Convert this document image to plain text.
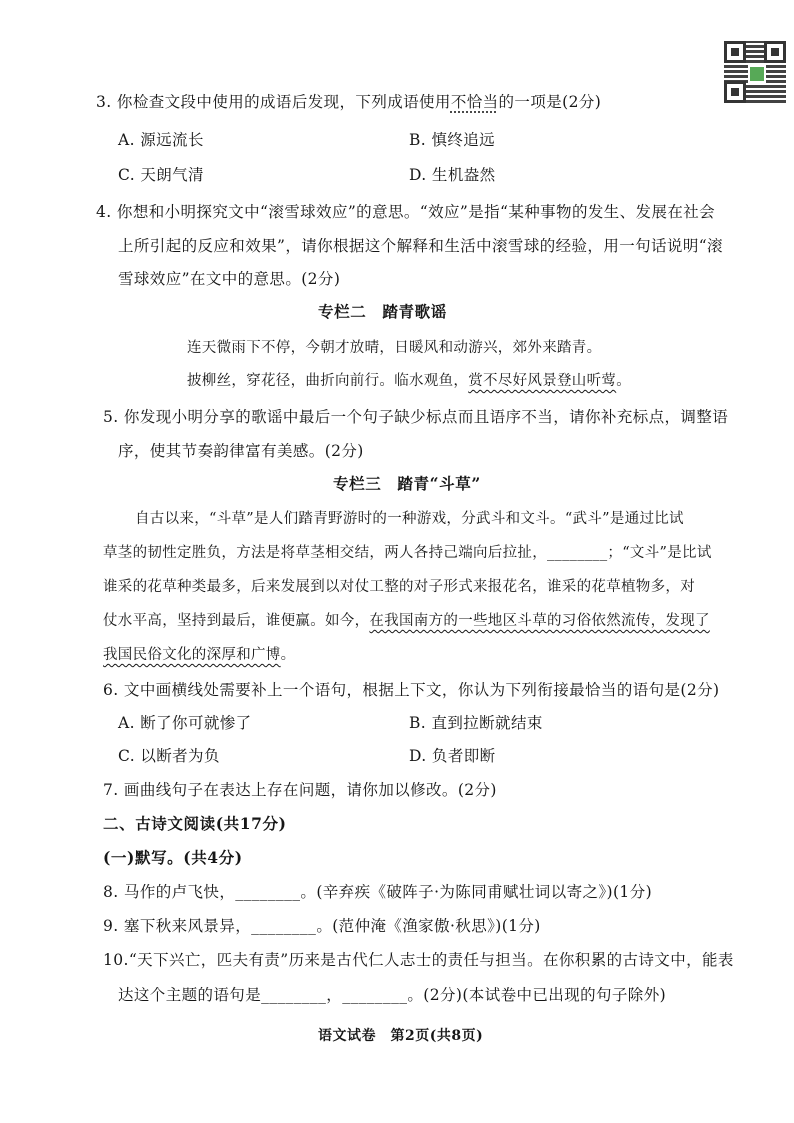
3. 你检查文段中使用的成语后发现，下列成语使用不恰当的一项是(2分)
A. 源远流长	B. 慎终追远
C. 天朗气清	D. 生机盎然
4. 你想和小明探究文中“滚雪球效应”的意思。“效应”是指“某种事物的发生、发展在社会
上所引起的反应和效果”，请你根据这个解释和生活中滚雪球的经验，用一句话说明“滚
雪球效应”在文中的意思。(2分)
专栏二　踏青歌谣
连天微雨下不停，今朝才放晴，日暖风和动游兴，郊外来踏青。
披柳丝，穿花径，曲折向前行。临水观鱼，赏不尽好风景登山听莺。
5. 你发现小明分享的歌谣中最后一个句子缺少标点而且语序不当，请你补充标点，调整语
序，使其节奏韵律富有美感。(2分)
专栏三　踏青“斗草”
自古以来，“斗草”是人们踏青野游时的一种游戏，分武斗和文斗。“武斗”是通过比试
草茎的韧性定胜负，方法是将草茎相交结，两人各持己端向后拉扯，________；“文斗”是比试
谁采的花草种类最多，后来发展到以对仗工整的对子形式来报花名，谁采的花草植物多，对
仗水平高，坚持到最后，谁便赢。如今，在我国南方的一些地区斗草的习俗依然流传，发现了
我国民俗文化的深厚和广博。
6. 文中画横线处需要补上一个语句，根据上下文，你认为下列衔接最恰当的语句是(2分)
A. 断了你可就惨了	B. 直到拉断就结束
C. 以断者为负	D. 负者即断
7. 画曲线句子在表达上存在问题，请你加以修改。(2分)
二、古诗文阅读(共17分)
(一)默写。(共4分)
8. 马作的卢飞快，________。(辛弃疾《破阵子·为陈同甫赋壮词以寄之》)(1分)
9. 塞下秋来风景异，________。(范仲淹《渔家傲·秋思》)(1分)
10.“天下兴亡，匹夫有责”历来是古代仁人志士的责任与担当。在你积累的古诗文中，能表
达这个主题的语句是________，________。(2分)(本试卷中已出现的句子除外)
语文试卷　第2页(共8页)
